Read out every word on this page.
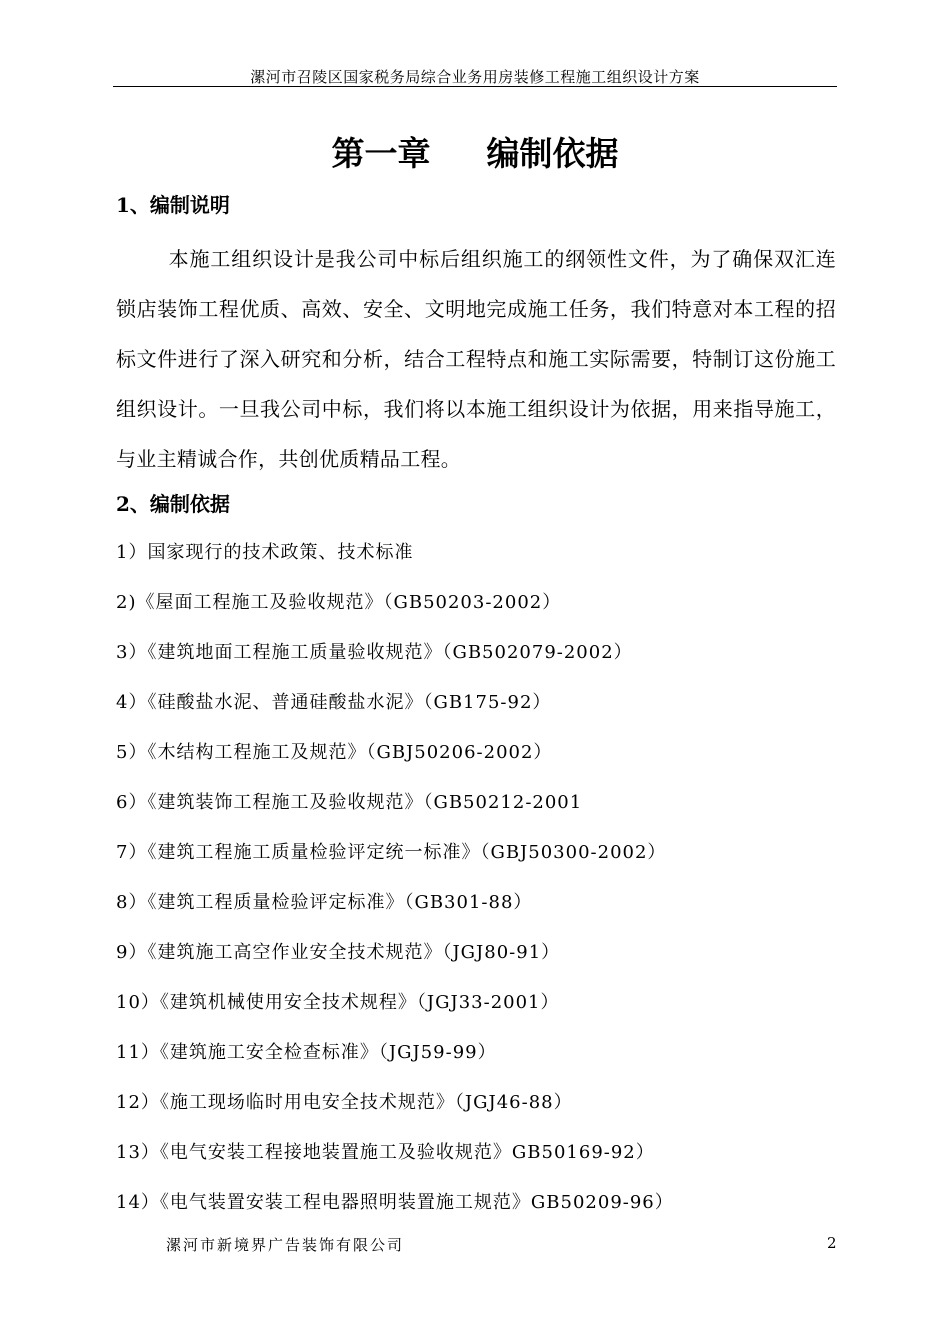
漯河市召陵区国家税务局综合业务用房装修工程施工组织设计方案
第一章 编制依据
1、编制说明
本施工组织设计是我公司中标后组织施工的纲领性文件，为了确保双汇连锁店装饰工程优质、高效、安全、文明地完成施工任务，我们特意对本工程的招标文件进行了深入研究和分析，结合工程特点和施工实际需要，特制订这份施工组织设计。一旦我公司中标，我们将以本施工组织设计为依据，用来指导施工，与业主精诚合作，共创优质精品工程。
2、编制依据
1）国家现行的技术政策、技术标准
2)《屋面工程施工及验收规范》（GB50203-2002）
3）《建筑地面工程施工质量验收规范》（GB502079-2002）
4）《硅酸盐水泥、普通硅酸盐水泥》（GB175-92）
5）《木结构工程施工及规范》（GBJ50206-2002）
6）《建筑装饰工程施工及验收规范》（GB50212-2001
7）《建筑工程施工质量检验评定统一标准》（GBJ50300-2002）
8）《建筑工程质量检验评定标准》（GB301-88）
9）《建筑施工高空作业安全技术规范》（JGJ80-91）
10）《建筑机械使用安全技术规程》（JGJ33-2001）
11）《建筑施工安全检查标准》（JGJ59-99）
12）《施工现场临时用电安全技术规范》（JGJ46-88）
13）《电气安装工程接地装置施工及验收规范》GB50169-92）
14）《电气装置安装工程电器照明装置施工规范》GB50209-96）
漯河市新境界广告装饰有限公司	2
